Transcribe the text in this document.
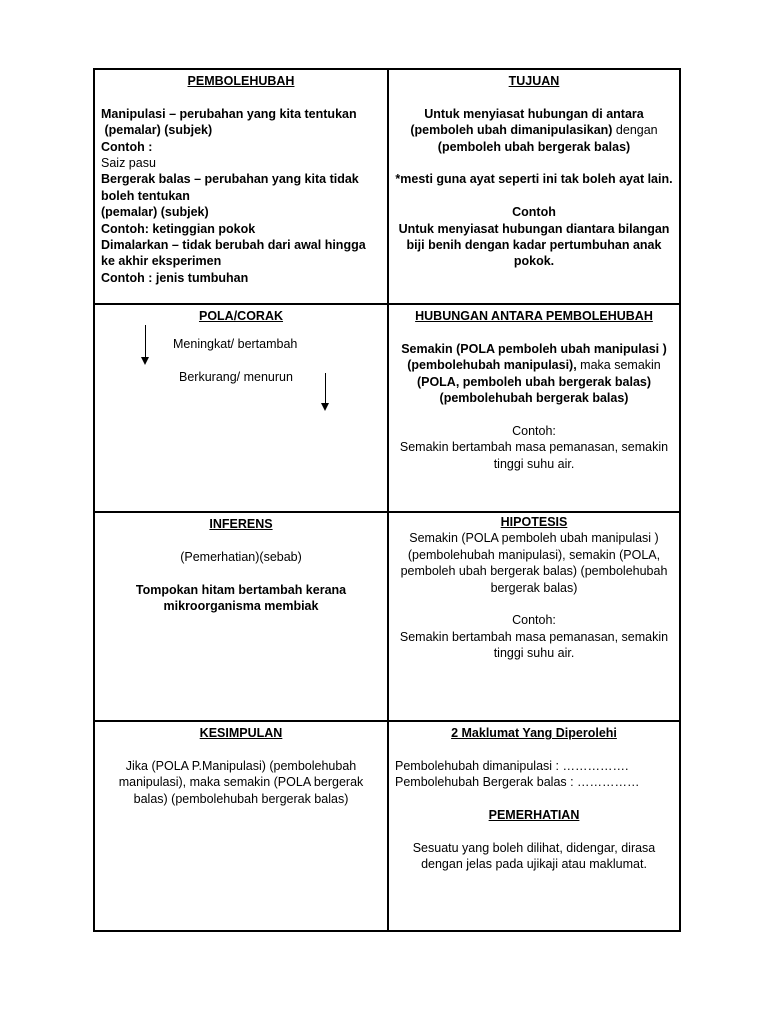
PEMBOLEHUBAH

Manipulasi – perubahan yang kita tentukan

(pemalar) (subjek)

Contoh :

Saiz pasu

Bergerak balas – perubahan yang kita tidak boleh tentukan

(pemalar) (subjek)

Contoh: ketinggian pokok

Dimalarkan – tidak berubah dari awal hingga ke akhir eksperimen

Contoh : jenis tumbuhan

TUJUAN

Untuk menyiasat hubungan di antara

(pemboleh ubah dimanipulasikan) dengan

(pemboleh ubah bergerak balas)

*mesti guna ayat seperti ini tak boleh ayat lain.

Contoh

Untuk menyiasat hubungan diantara bilangan biji benih dengan kadar pertumbuhan anak pokok.

POLA/CORAK

Meningkat/ bertambah

Berkurang/ menurun

HUBUNGAN ANTARA PEMBOLEHUBAH

Semakin (POLA pemboleh ubah manipulasi )

(pembolehubah manipulasi), maka semakin

(POLA, pemboleh ubah bergerak balas)

(pembolehubah bergerak balas)

Contoh:

Semakin bertambah masa pemanasan, semakin tinggi suhu air.

INFERENS

(Pemerhatian)(sebab)

Tompokan hitam bertambah kerana mikroorganisma membiak

HIPOTESIS

Semakin (POLA pemboleh ubah manipulasi ) (pembolehubah manipulasi), semakin (POLA, pemboleh ubah bergerak balas) (pembolehubah bergerak balas)

Contoh:

Semakin bertambah masa pemanasan, semakin tinggi suhu air.

KESIMPULAN

Jika (POLA P.Manipulasi) (pembolehubah manipulasi), maka semakin (POLA bergerak balas) (pembolehubah bergerak balas)

2 Maklumat Yang Diperolehi

Pembolehubah dimanipulasi : …………….

Pembolehubah Bergerak balas : ……………

PEMERHATIAN

Sesuatu yang boleh dilihat, didengar, dirasa dengan jelas pada ujikaji atau maklumat.
